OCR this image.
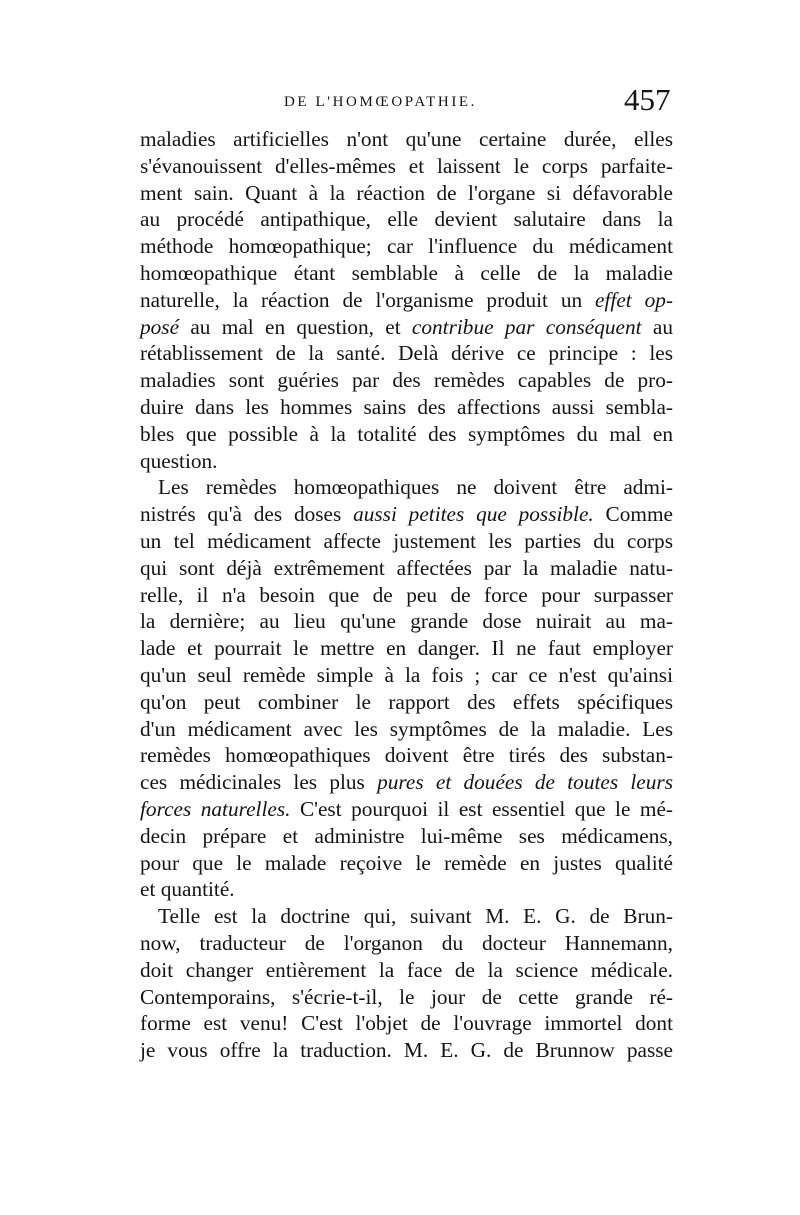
DE L'HOMŒOPATHIE.	457
maladies artificielles n'ont qu'une certaine durée, elles
s'évanouissent d'elles-mêmes et laissent le corps parfaite-
ment sain. Quant à la réaction de l'organe si défavorable
au procédé antipathique, elle devient salutaire dans la
méthode homœopathique; car l'influence du médicament
homœopathique étant semblable à celle de la maladie
naturelle, la réaction de l'organisme produit un effet op-
posé au mal en question, et contribue par conséquent au
rétablissement de la santé. Delà dérive ce principe : les
maladies sont guéries par des remèdes capables de pro-
duire dans les hommes sains des affections aussi sembla-
bles que possible à la totalité des symptômes du mal en
question.
Les remèdes homœopathiques ne doivent être admi-
nistrés qu'à des doses aussi petites que possible. Comme
un tel médicament affecte justement les parties du corps
qui sont déjà extrêmement affectées par la maladie natu-
relle, il n'a besoin que de peu de force pour surpasser
la dernière; au lieu qu'une grande dose nuirait au ma-
lade et pourrait le mettre en danger. Il ne faut employer
qu'un seul remède simple à la fois ; car ce n'est qu'ainsi
qu'on peut combiner le rapport des effets spécifiques
d'un médicament avec les symptômes de la maladie. Les
remèdes homœopathiques doivent être tirés des substan-
ces médicinales les plus pures et douées de toutes leurs
forces naturelles. C'est pourquoi il est essentiel que le mé-
decin prépare et administre lui-même ses médicamens,
pour que le malade reçoive le remède en justes qualité
et quantité.
Telle est la doctrine qui, suivant M. E. G. de Brun-
now, traducteur de l'organon du docteur Hannemann,
doit changer entièrement la face de la science médicale.
Contemporains, s'écrie-t-il, le jour de cette grande ré-
forme est venu! C'est l'objet de l'ouvrage immortel dont
je vous offre la traduction. M. E. G. de Brunnow passe
